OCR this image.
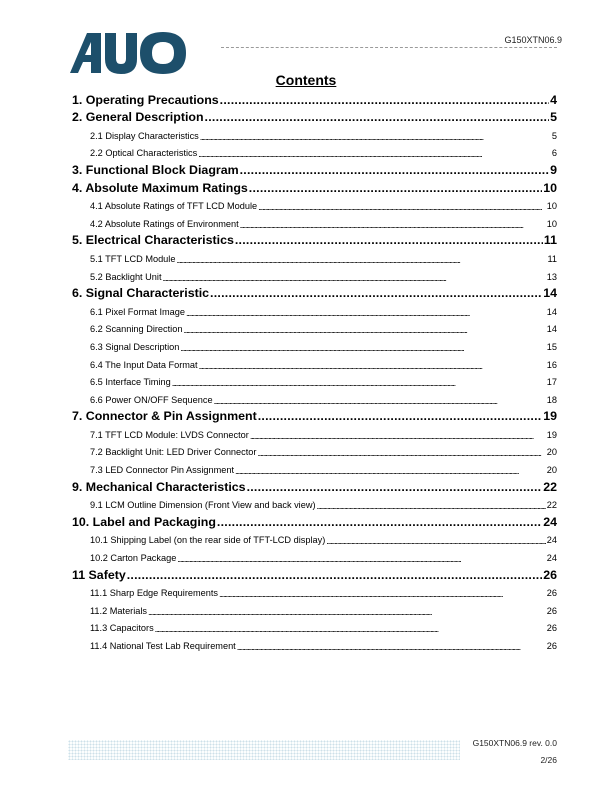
G150XTN06.9
Contents
1. Operating Precautions . . .	4
2. General Description . . .	5
2.1 Display Characteristics . . .	5
2.2 Optical Characteristics . . .	6
3. Functional Block Diagram . . .	9
4. Absolute Maximum Ratings . . .	10
4.1 Absolute Ratings of TFT LCD Module . . .	10
4.2 Absolute Ratings of Environment . . .	10
5. Electrical Characteristics . . .	11
5.1 TFT LCD Module . . .	11
5.2 Backlight Unit . . .	13
6. Signal Characteristic . . .	14
6.1 Pixel Format Image . . .	14
6.2 Scanning Direction . . .	14
6.3 Signal Description . . .	15
6.4 The Input Data Format . . .	16
6.5 Interface Timing . . .	17
6.6 Power ON/OFF Sequence . . .	18
7. Connector & Pin Assignment . . .	19
7.1 TFT LCD Module: LVDS Connector . . .	19
7.2 Backlight Unit: LED Driver Connector . . .	20
7.3 LED Connector Pin Assignment . . .	20
9. Mechanical Characteristics . . .	22
9.1 LCM Outline Dimension (Front View and back view) . . .	22
10. Label and Packaging . . .	24
10.1 Shipping Label (on the rear side of TFT-LCD display) . . .	24
10.2 Carton Package . . .	24
11 Safety . . .	26
11.1 Sharp Edge Requirements . . .	26
11.2 Materials . . .	26
11.3 Capacitors . . .	26
11.4 National Test Lab Requirement . . .	26
G150XTN06.9 rev. 0.0
2/26
